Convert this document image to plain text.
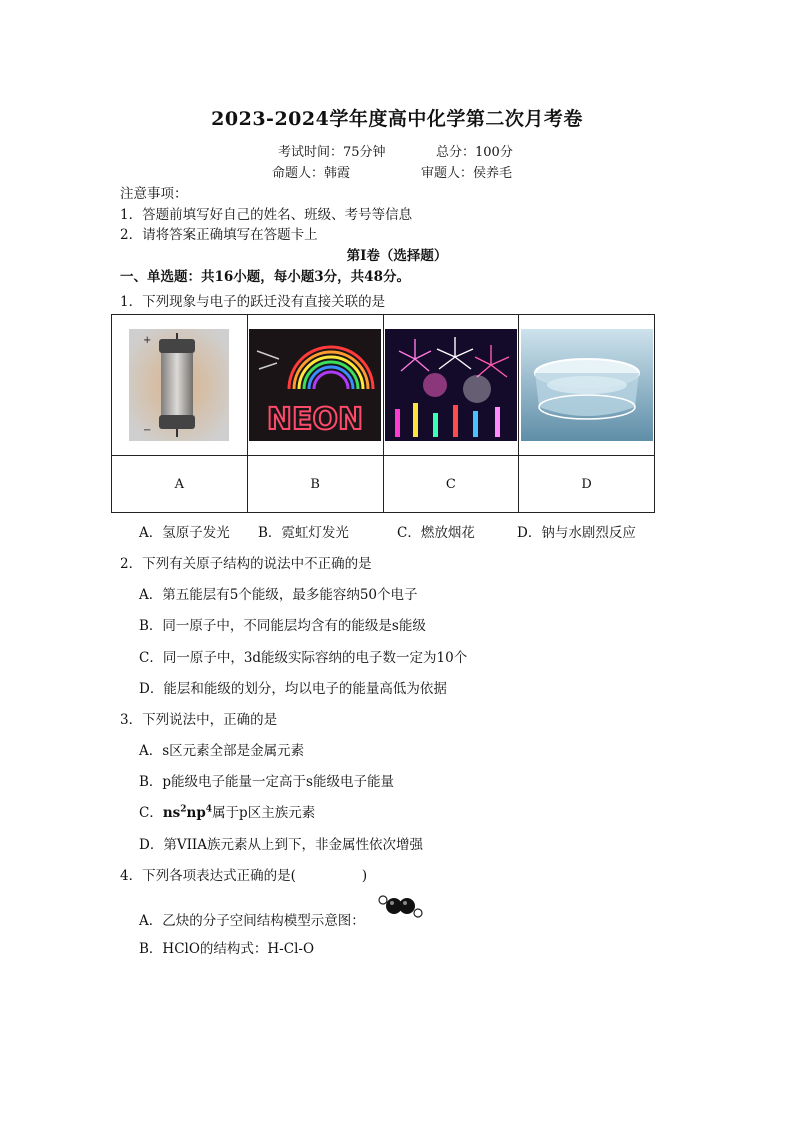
2023-2024学年度高中化学第二次月考卷
考试时间：75分钟	总分：100分
命题人：韩霞	审题人：侯养毛
注意事项：
1．答题前填写好自己的姓名、班级、考号等信息
2．请将答案正确填写在答题卡上
第Ⅰ卷（选择题）
一、单选题：共16小题，每小题3分，共48分。
1．下列现象与电子的跃迁没有直接关联的是
+
−	NEON

A	B	C	D
A．氢原子发光 B．霓虹灯发光	C．燃放烟花	D．钠与水剧烈反应
2．下列有关原子结构的说法中不正确的是
A．第五能层有5个能级，最多能容纳50个电子
B．同一原子中，不同能层均含有的能级是s能级
C．同一原子中，3d能级实际容纳的电子数一定为10个
D．能层和能级的划分，均以电子的能量高低为依据
3．下列说法中，正确的是
A．s区元素全部是金属元素
B．p能级电子能量一定高于s能级电子能量
C．$ns^2np^4$属于p区主族元素
D．第VIIA族元素从上到下，非金属性依次增强
4．下列各项表达式正确的是(	)
A．乙炔的分子空间结构模型示意图：
B．HClO的结构式：H-Cl-O
